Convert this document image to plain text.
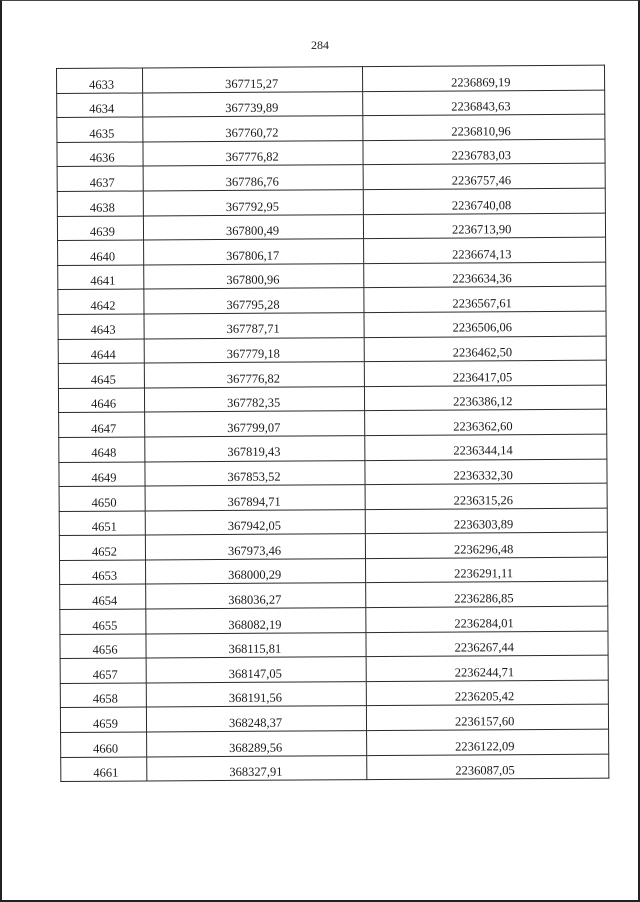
284
4633	367715,27	2236869,19
4634	367739,89	2236843,63
4635	367760,72	2236810,96
4636	367776,82	2236783,03
4637	367786,76	2236757,46
4638	367792,95	2236740,08
4639	367800,49	2236713,90
4640	367806,17	2236674,13
4641	367800,96	2236634,36
4642	367795,28	2236567,61
4643	367787,71	2236506,06
4644	367779,18	2236462,50
4645	367776,82	2236417,05
4646	367782,35	2236386,12
4647	367799,07	2236362,60
4648	367819,43	2236344,14
4649	367853,52	2236332,30
4650	367894,71	2236315,26
4651	367942,05	2236303,89
4652	367973,46	2236296,48
4653	368000,29	2236291,11
4654	368036,27	2236286,85
4655	368082,19	2236284,01
4656	368115,81	2236267,44
4657	368147,05	2236244,71
4658	368191,56	2236205,42
4659	368248,37	2236157,60
4660	368289,56	2236122,09
4661	368327,91	2236087,05
